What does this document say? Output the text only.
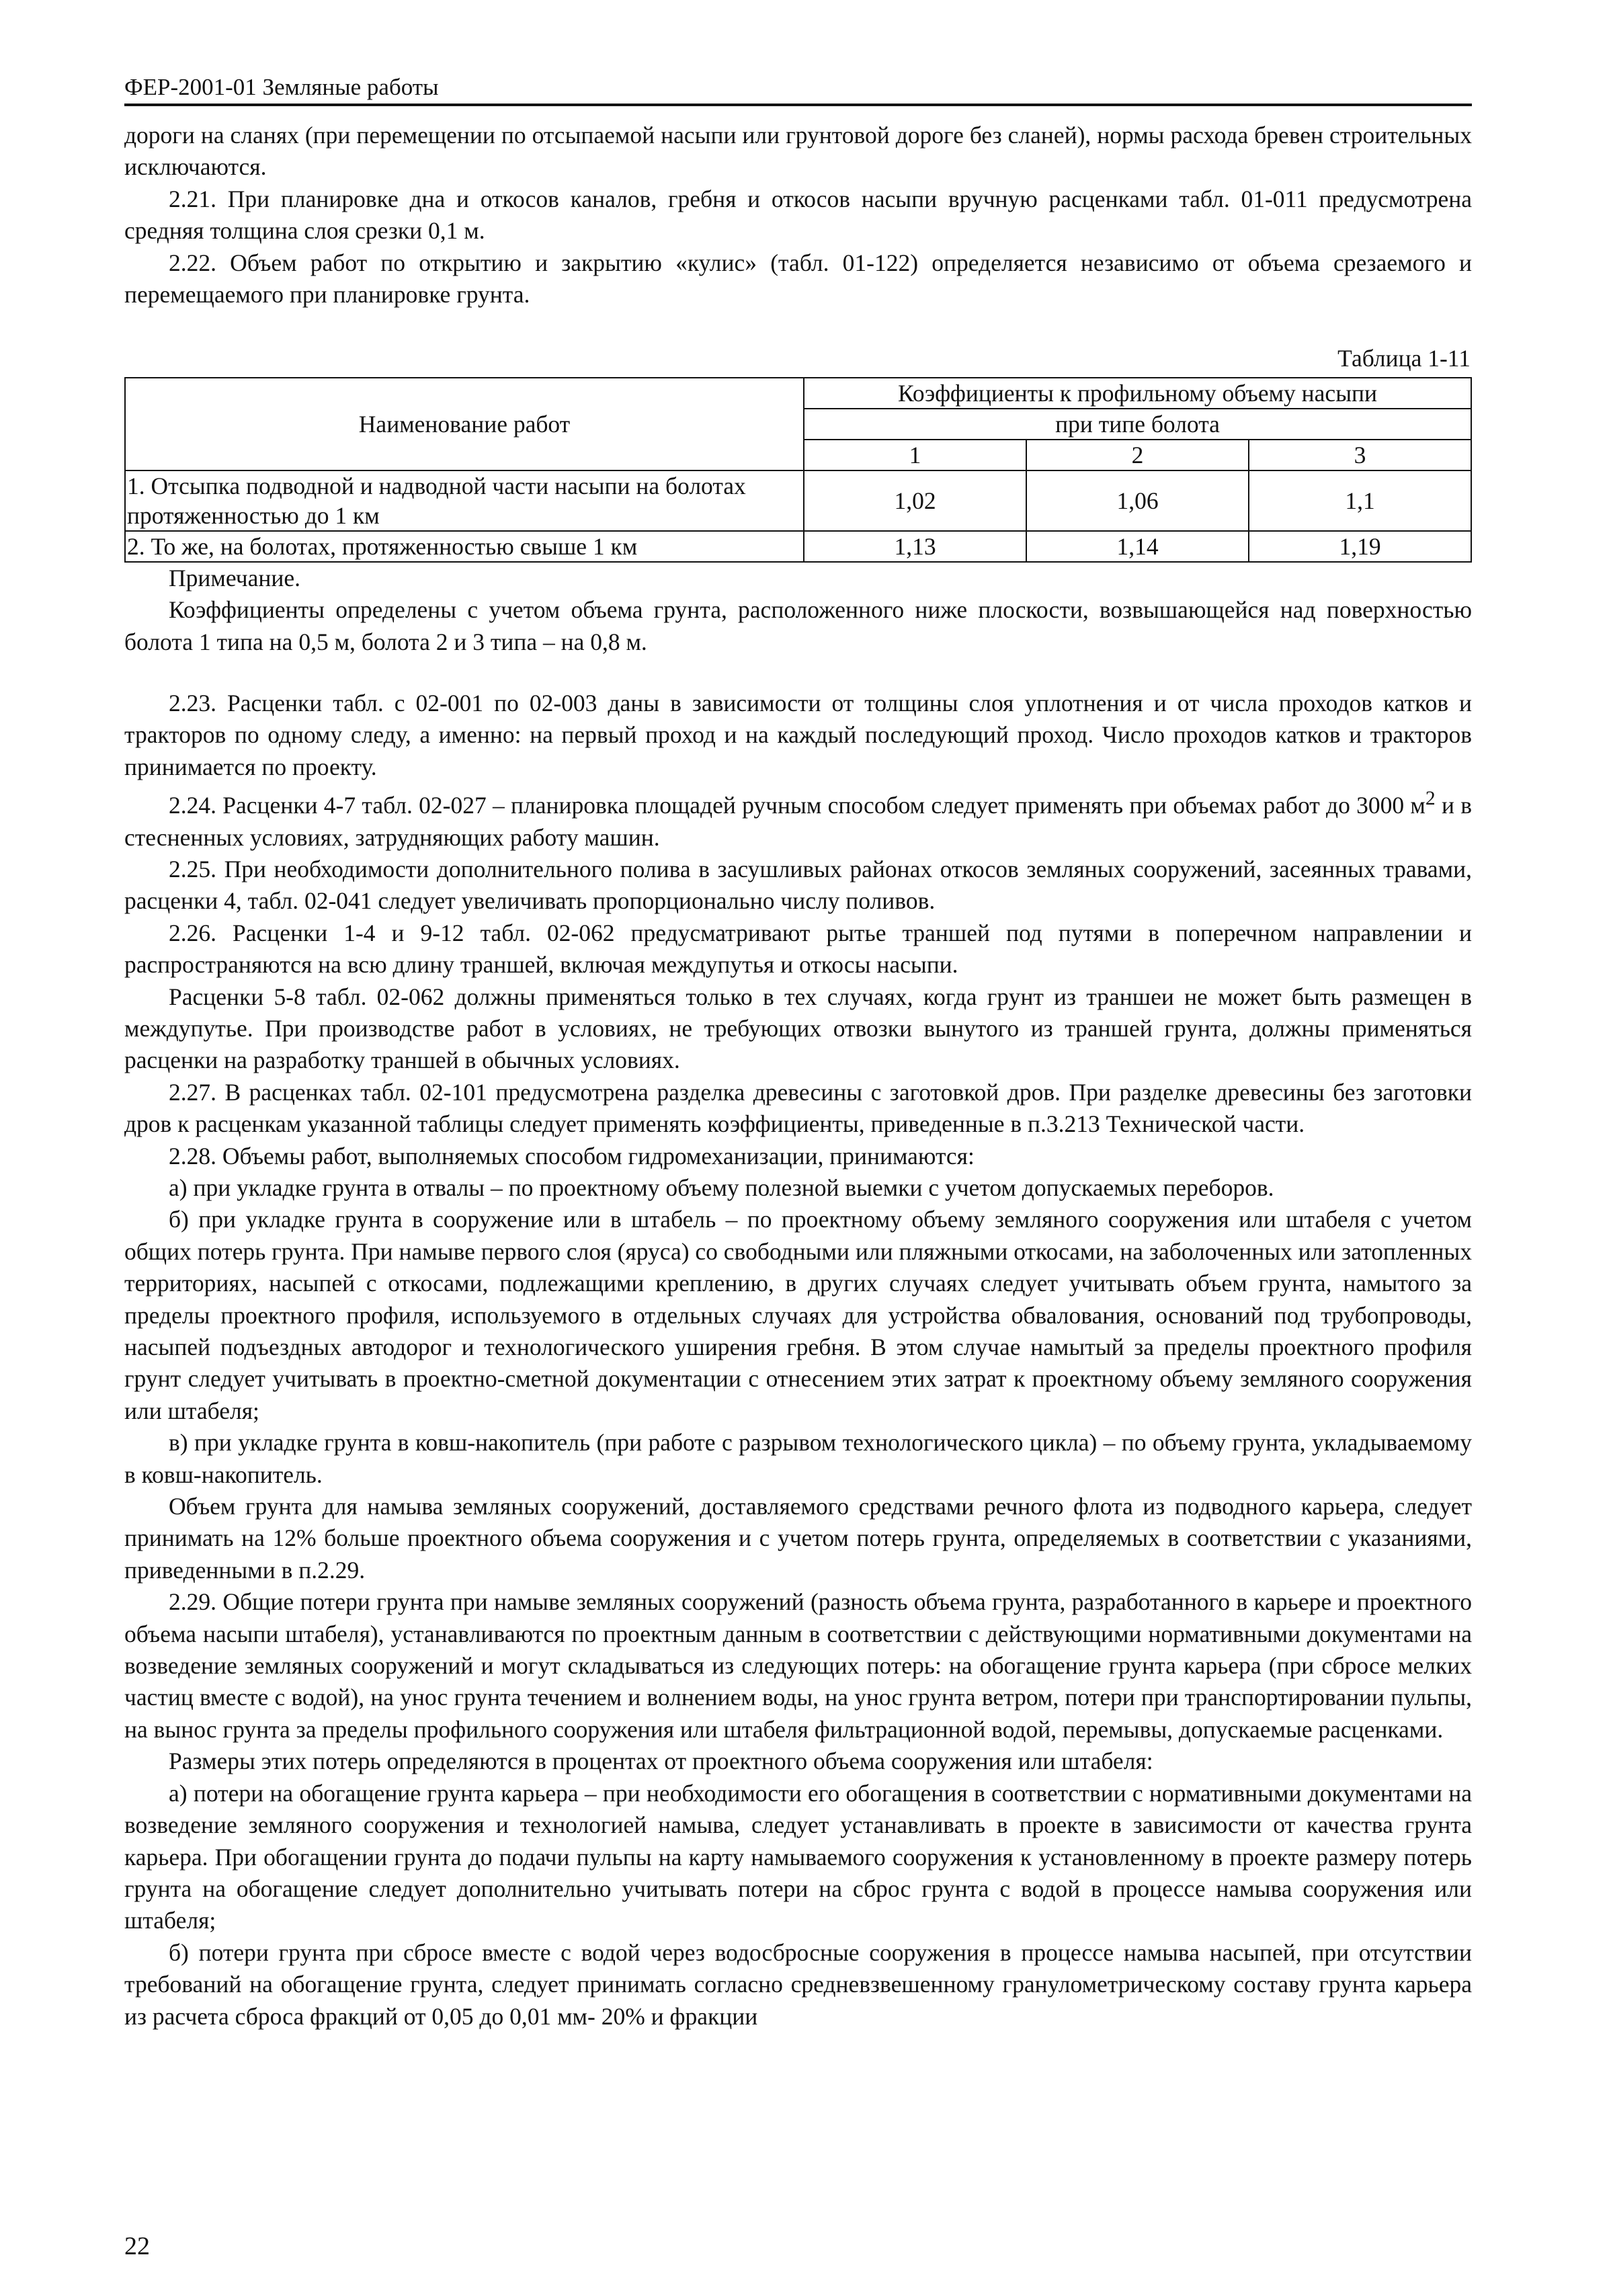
ФЕР-2001-01 Земляные работы

дороги на сланях (при перемещении по отсыпаемой насыпи или грунтовой дороге без сланей), нормы расхода бревен строительных исключаются.

2.21. При планировке дна и откосов каналов, гребня и откосов насыпи вручную расценками табл. 01-011 предусмотрена средняя толщина слоя срезки 0,1 м.

2.22. Объем работ по открытию и закрытию «кулис» (табл. 01-122) определяется независимо от объема срезаемого и перемещаемого при планировке грунта.

Таблица 1-11
Наименование работ	Коэффициенты к профильному объему насыпи		
	при типе болота		
	1	2	3
1. Отсыпка подводной и надводной части насыпи на болотах протяженностью до 1 км	1,02	1,06	1,1
2. То же, на болотах, протяженностью свыше 1 км	1,13	1,14	1,19

Примечание.

Коэффициенты определены с учетом объема грунта, расположенного ниже плоскости, возвышающейся над поверхностью болота 1 типа на 0,5 м, болота 2 и 3 типа – на 0,8 м.

2.23. Расценки табл. с 02-001 по 02-003 даны в зависимости от толщины слоя уплотнения и от числа проходов катков и тракторов по одному следу, а именно: на первый проход и на каждый последующий проход. Число проходов катков и тракторов принимается по проекту.

2.24. Расценки 4-7 табл. 02-027 – планировка площадей ручным способом следует применять при объемах работ до 3000 $м^2$ и в стесненных условиях, затрудняющих работу машин.

2.25. При необходимости дополнительного полива в засушливых районах откосов земляных сооружений, засеянных травами, расценки 4, табл. 02-041 следует увеличивать пропорционально числу поливов.

2.26. Расценки 1-4 и 9-12 табл. 02-062 предусматривают рытье траншей под путями в поперечном направлении и распространяются на всю длину траншей, включая междупутья и откосы насыпи.

Расценки 5-8 табл. 02-062 должны применяться только в тех случаях, когда грунт из траншеи не может быть размещен в междупутье. При производстве работ в условиях, не требующих отвозки вынутого из траншей грунта, должны применяться расценки на разработку траншей в обычных условиях.

2.27. В расценках табл. 02-101 предусмотрена разделка древесины с заготовкой дров. При разделке древесины без заготовки дров к расценкам указанной таблицы следует применять коэффициенты, приведенные в п.3.213 Технической части.

2.28. Объемы работ, выполняемых способом гидромеханизации, принимаются:

а) при укладке грунта в отвалы – по проектному объему полезной выемки с учетом допускаемых переборов.

б) при укладке грунта в сооружение или в штабель – по проектному объему земляного сооружения или штабеля с учетом общих потерь грунта. При намыве первого слоя (яруса) со свободными или пляжными откосами, на заболоченных или затопленных территориях, насыпей с откосами, подлежащими креплению, в других случаях следует учитывать объем грунта, намытого за пределы проектного профиля, используемого в отдельных случаях для устройства обвалования, оснований под трубопроводы, насыпей подъездных автодорог и технологического уширения гребня. В этом случае намытый за пределы проектного профиля грунт следует учитывать в проектно-сметной документации с отнесением этих затрат к проектному объему земляного сооружения или штабеля;

в) при укладке грунта в ковш-накопитель (при работе с разрывом технологического цикла) – по объему грунта, укладываемому в ковш-накопитель.

Объем грунта для намыва земляных сооружений, доставляемого средствами речного флота из подводного карьера, следует принимать на 12% больше проектного объема сооружения и с учетом потерь грунта, определяемых в соответствии с указаниями, приведенными в п.2.29.

2.29. Общие потери грунта при намыве земляных сооружений (разность объема грунта, разработанного в карьере и проектного объема насыпи штабеля), устанавливаются по проектным данным в соответствии с действующими нормативными документами на возведение земляных сооружений и могут складываться из следующих потерь: на обогащение грунта карьера (при сбросе мелких частиц вместе с водой), на унос грунта течением и волнением воды, на унос грунта ветром, потери при транспортировании пульпы, на вынос грунта за пределы профильного сооружения или штабеля фильтрационной водой, перемывы, допускаемые расценками.

Размеры этих потерь определяются в процентах от проектного объема сооружения или штабеля:

а) потери на обогащение грунта карьера – при необходимости его обогащения в соответствии с нормативными документами на возведение земляного сооружения и технологией намыва, следует устанавливать в проекте в зависимости от качества грунта карьера. При обогащении грунта до подачи пульпы на карту намываемого сооружения к установленному в проекте размеру потерь грунта на обогащение следует дополнительно учитывать потери на сброс грунта с водой в процессе намыва сооружения или штабеля;

б) потери грунта при сбросе вместе с водой через водосбросные сооружения в процессе намыва насыпей, при отсутствии требований на обогащение грунта, следует принимать согласно средневзвешенному гранулометрическому составу грунта карьера из расчета сброса фракций от 0,05 до 0,01 мм- 20% и фракции

22
